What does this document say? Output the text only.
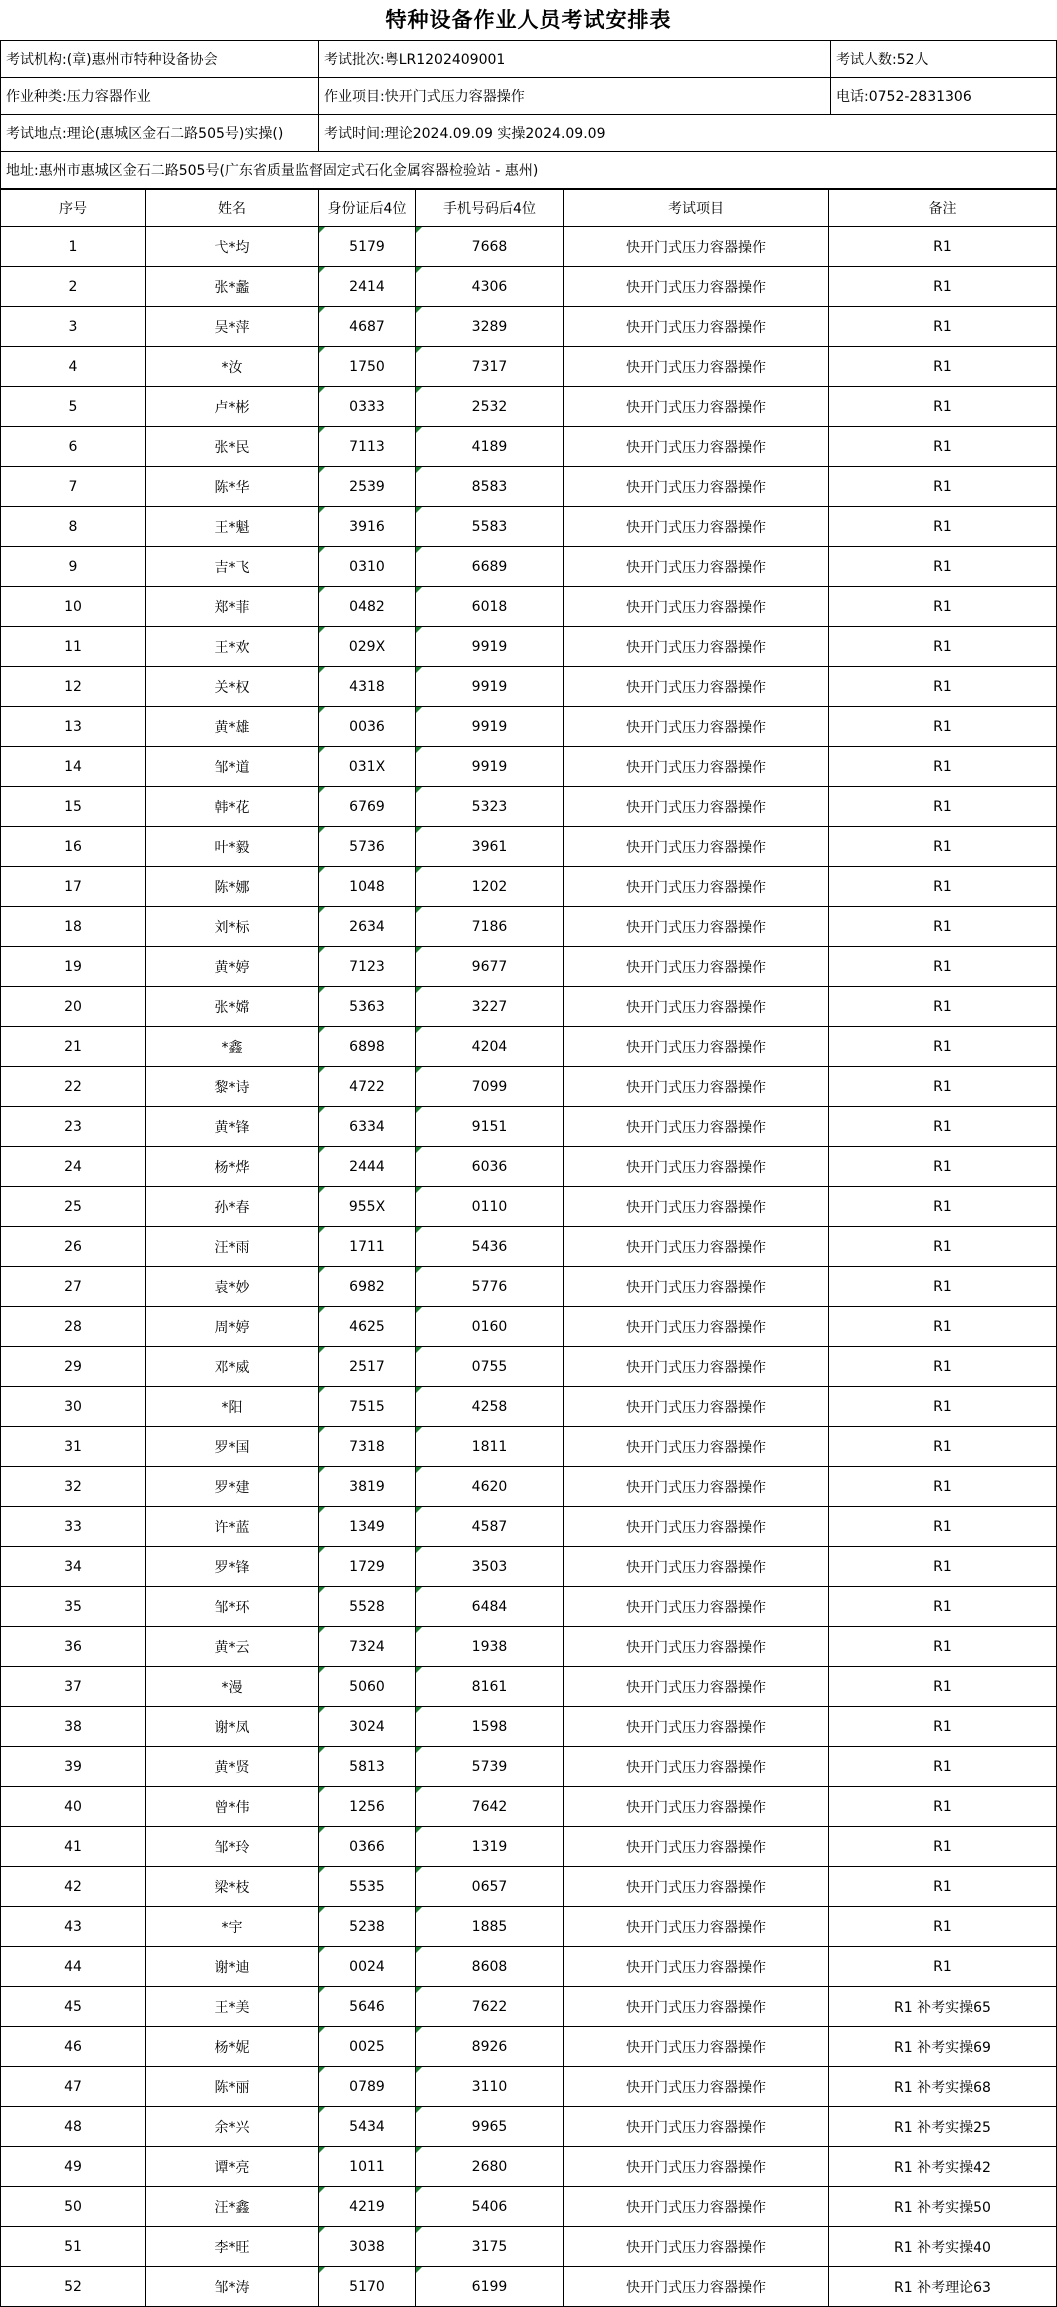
特种设备作业人员考试安排表
考试机构:(章)惠州市特种设备协会	考试批次:粤LR1202409001	考试人数:52人
作业种类:压力容器作业	作业项目:快开门式压力容器操作	电话:0752-2831306
考试地点:理论(惠城区金石二路505号)实操()	考试时间:理论2024.09.09 实操2024.09.09	
地址:惠州市惠城区金石二路505号(广东省质量监督固定式石化金属容器检验站 - 惠州)		
序号	姓名	身份证后4位	手机号码后4位	考试项目	备注
1	弋*均	5179	7668	快开门式压力容器操作	R1
2	张*蠡	2414	4306	快开门式压力容器操作	R1
3	吴*萍	4687	3289	快开门式压力容器操作	R1
4	*汝	1750	7317	快开门式压力容器操作	R1
5	卢*彬	0333	2532	快开门式压力容器操作	R1
6	张*民	7113	4189	快开门式压力容器操作	R1
7	陈*华	2539	8583	快开门式压力容器操作	R1
8	王*魁	3916	5583	快开门式压力容器操作	R1
9	吉*飞	0310	6689	快开门式压力容器操作	R1
10	郑*菲	0482	6018	快开门式压力容器操作	R1
11	王*欢	029X	9919	快开门式压力容器操作	R1
12	关*权	4318	9919	快开门式压力容器操作	R1
13	黄*雄	0036	9919	快开门式压力容器操作	R1
14	邹*道	031X	9919	快开门式压力容器操作	R1
15	韩*花	6769	5323	快开门式压力容器操作	R1
16	叶*毅	5736	3961	快开门式压力容器操作	R1
17	陈*娜	1048	1202	快开门式压力容器操作	R1
18	刘*标	2634	7186	快开门式压力容器操作	R1
19	黄*婷	7123	9677	快开门式压力容器操作	R1
20	张*嫦	5363	3227	快开门式压力容器操作	R1
21	*鑫	6898	4204	快开门式压力容器操作	R1
22	黎*诗	4722	7099	快开门式压力容器操作	R1
23	黄*锋	6334	9151	快开门式压力容器操作	R1
24	杨*烨	2444	6036	快开门式压力容器操作	R1
25	孙*春	955X	0110	快开门式压力容器操作	R1
26	汪*雨	1711	5436	快开门式压力容器操作	R1
27	袁*妙	6982	5776	快开门式压力容器操作	R1
28	周*婷	4625	0160	快开门式压力容器操作	R1
29	邓*威	2517	0755	快开门式压力容器操作	R1
30	*阳	7515	4258	快开门式压力容器操作	R1
31	罗*国	7318	1811	快开门式压力容器操作	R1
32	罗*建	3819	4620	快开门式压力容器操作	R1
33	许*蓝	1349	4587	快开门式压力容器操作	R1
34	罗*锋	1729	3503	快开门式压力容器操作	R1
35	邹*环	5528	6484	快开门式压力容器操作	R1
36	黄*云	7324	1938	快开门式压力容器操作	R1
37	*漫	5060	8161	快开门式压力容器操作	R1
38	谢*凤	3024	1598	快开门式压力容器操作	R1
39	黄*贤	5813	5739	快开门式压力容器操作	R1
40	曾*伟	1256	7642	快开门式压力容器操作	R1
41	邹*玲	0366	1319	快开门式压力容器操作	R1
42	梁*枝	5535	0657	快开门式压力容器操作	R1
43	*宇	5238	1885	快开门式压力容器操作	R1
44	谢*迪	0024	8608	快开门式压力容器操作	R1
45	王*美	5646	7622	快开门式压力容器操作	R1 补考实操65
46	杨*妮	0025	8926	快开门式压力容器操作	R1 补考实操69
47	陈*丽	0789	3110	快开门式压力容器操作	R1 补考实操68
48	余*兴	5434	9965	快开门式压力容器操作	R1 补考实操25
49	谭*亮	1011	2680	快开门式压力容器操作	R1 补考实操42
50	汪*鑫	4219	5406	快开门式压力容器操作	R1 补考实操50
51	李*旺	3038	3175	快开门式压力容器操作	R1 补考实操40
52	邹*涛	5170	6199	快开门式压力容器操作	R1 补考理论63
